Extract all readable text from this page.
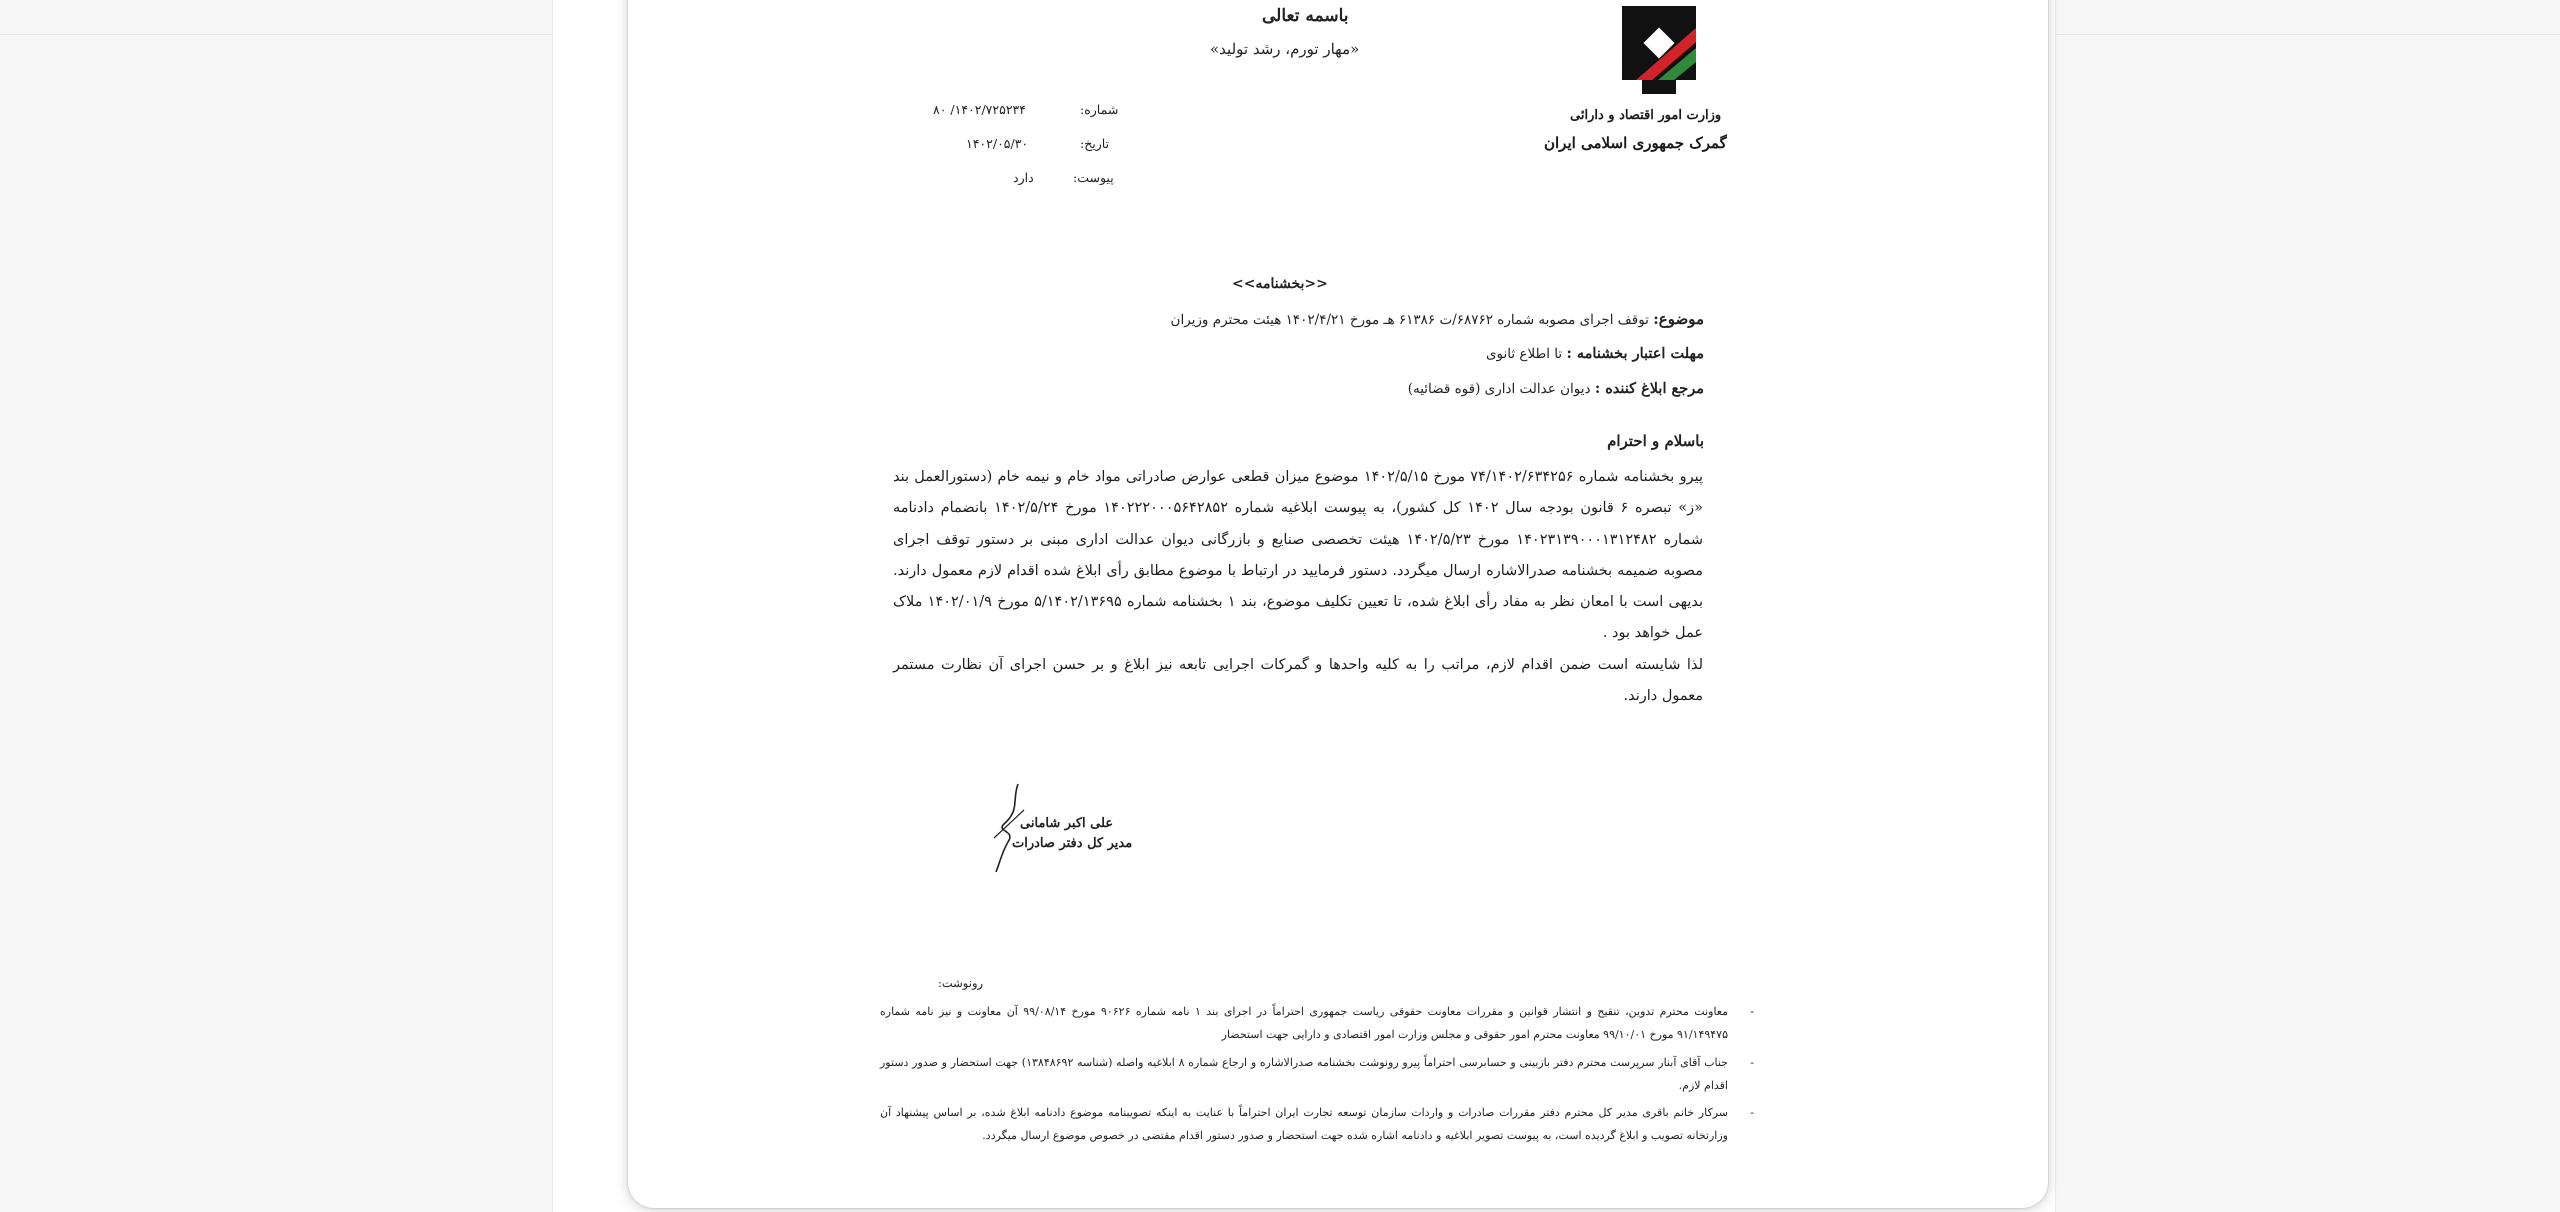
باسمه تعالی
«مهار تورم، رشد تولید»
وزارت امور اقتصاد و دارائی
گمرک جمهوری اسلامی ایران
شماره:
۸۰ /۱۴۰۲/۷۲۵۲۳۴
تاریخ:
۱۴۰۲/۰۵/۳۰
پیوست:
دارد
<<بخشنامه>>
موضوع: توقف اجرای مصوبه شماره ۶۸۷۶۲/ت ۶۱۳۸۶ هـ مورخ ۱۴۰۲/۴/۲۱ هیئت محترم وزیران
مهلت اعتبار بخشنامه : تا اطلاع ثانوی
مرجع ابلاغ کننده : دیوان عدالت اداری (قوه قضائیه)
باسلام و احترام

پیرو بخشنامه شماره ۷۴/۱۴۰۲/۶۳۴۲۵۶ مورخ ۱۴۰۲/۵/۱۵ موضوع میزان قطعی عوارض صادراتی مواد خام و نیمه خام (دستورالعمل بند «ز» تبصره ۶ قانون بودجه سال ۱۴۰۲ کل کشور)، به پیوست ابلاغیه شماره ۱۴۰۲۲۲۰۰۰۵۶۴۲۸۵۲ مورخ ۱۴۰۲/۵/۲۴ بانضمام دادنامه شماره ۱۴۰۲۳۱۳۹۰۰۰۱۳۱۲۴۸۲ مورخ ۱۴۰۲/۵/۲۳ هیئت تخصصی صنایع و بازرگانی دیوان عدالت اداری مبنی بر دستور توقف اجرای مصوبه ضمیمه بخشنامه صدرالاشاره ارسال میگردد. دستور فرمایید در ارتباط با موضوع مطابق رأی ابلاغ شده اقدام لازم معمول دارند. بدیهی است با امعان نظر به مفاد رأی ابلاغ شده، تا تعیین تکلیف موضوع، بند ۱ بخشنامه شماره ۵/۱۴۰۲/۱۳۶۹۵ مورخ ۱۴۰۲/۰۱/۹ ملاک عمل خواهد بود .

لذا شایسته است ضمن اقدام لازم، مراتب را به کلیه واحدها و گمرکات اجرایی تابعه نیز ابلاغ و بر حسن اجرای آن نظارت مستمر معمول دارند.

علی اکبر شامانی
مدیر کل دفتر صادرات
رونوشت:
-
معاونت محترم تدوین، تنقیح و انتشار قوانین و مقررات معاونت حقوقی ریاست جمهوری احتراماً در اجرای بند ۱ نامه شماره ۹۰۶۲۶ مورخ ۹۹/۰۸/۱۴ آن معاونت و نیز نامه شماره ۹۱/۱۴۹۴۷۵ مورخ ۹۹/۱۰/۰۱ معاونت محترم امور حقوقی و مجلس وزارت امور اقتصادی و دارایی جهت استحضار
-
جناب آقای آبنار سرپرست محترم دفتر بازبینی و حسابرسی احتراماً پیرو رونوشت بخشنامه صدرالاشاره و ارجاع شماره ۸ ابلاغیه واصله (شناسه ۱۳۸۴۸۶۹۲) جهت استحضار و صدور دستور اقدام لازم.
-
سرکار خانم باقری مدیر کل محترم دفتر مقررات صادرات و واردات سازمان توسعه تجارت ایران احتراماً با عنایت به اینکه تصویبنامه موضوع دادنامه ابلاغ شده، بر اساس پیشنهاد آن وزارتخانه تصویب و ابلاغ گردیده است، به پیوست تصویر ابلاغیه و دادنامه اشاره شده جهت استحضار و صدور دستور اقدام مقتضی در خصوص موضوع ارسال میگردد.
